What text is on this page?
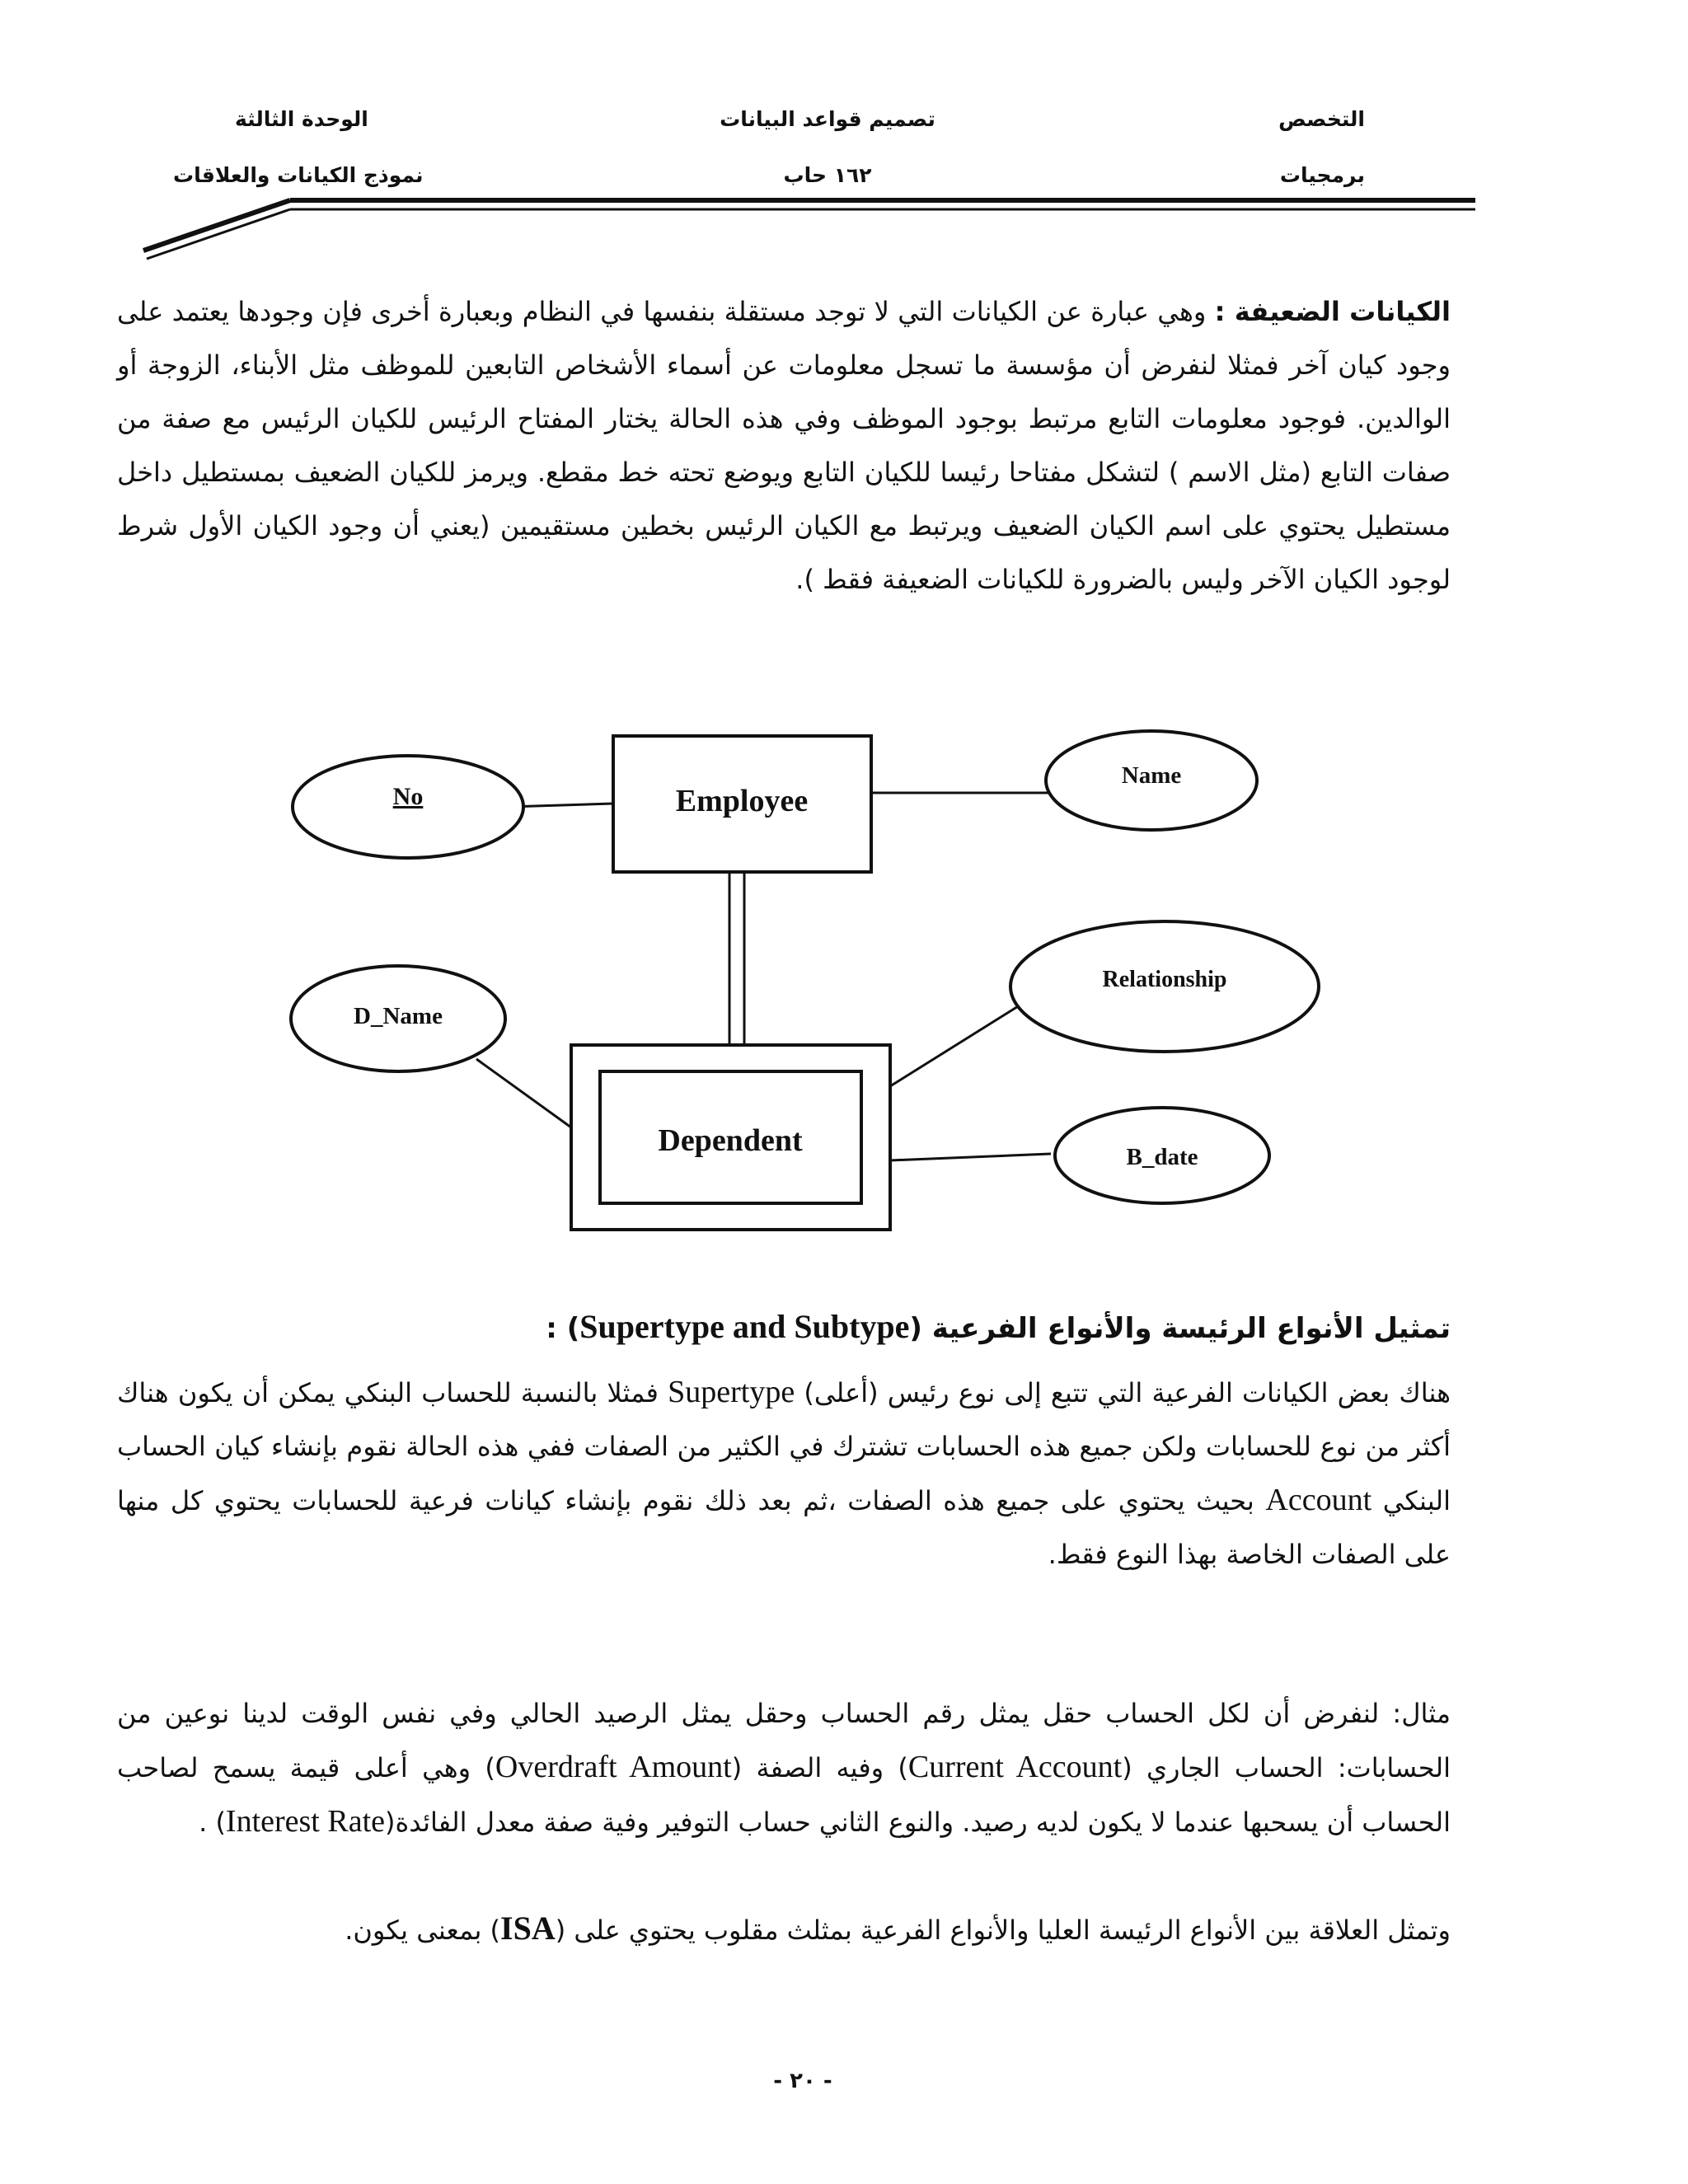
التخصص
برمجيات
تصميم قواعد البيانات
١٦٢ حاب
الوحدة الثالثة
نموذج الكيانات والعلاقات
الكيانات الضعيفة : وهي عبارة عن الكيانات التي لا توجد مستقلة بنفسها في النظام وبعبارة أخرى فإن وجودها يعتمد على وجود كيان آخر فمثلا لنفرض أن مؤسسة ما تسجل معلومات عن أسماء الأشخاص التابعين للموظف مثل الأبناء، الزوجة أو الوالدين. فوجود معلومات التابع مرتبط بوجود الموظف وفي هذه الحالة يختار المفتاح الرئيس للكيان الرئيس مع صفة من صفات التابع (مثل الاسم ) لتشكل مفتاحا رئيسا للكيان التابع ويوضع تحته خط مقطع. ويرمز للكيان الضعيف بمستطيل داخل مستطيل يحتوي على اسم الكيان الضعيف ويرتبط مع الكيان الرئيس بخطين مستقيمين (يعني أن وجود الكيان الأول شرط لوجود الكيان الآخر وليس بالضرورة للكيانات الضعيفة فقط ).
Employee
Dependent
No
Name
D_Name
Relationship
B_date
تمثيل الأنواع الرئيسة والأنواع الفرعية (Supertype and Subtype) :
هناك بعض الكيانات الفرعية التي تتبع إلى نوع رئيس (أعلى) Supertype فمثلا بالنسبة للحساب البنكي يمكن أن يكون هناك أكثر من نوع للحسابات ولكن جميع هذه الحسابات تشترك في الكثير من الصفات ففي هذه الحالة نقوم بإنشاء كيان الحساب البنكي Account بحيث يحتوي على جميع هذه الصفات ،ثم بعد ذلك نقوم بإنشاء كيانات فرعية للحسابات يحتوي كل منها على الصفات الخاصة بهذا النوع فقط.
مثال: لنفرض أن لكل الحساب حقل يمثل رقم الحساب وحقل يمثل الرصيد الحالي وفي نفس الوقت لدينا نوعين من الحسابات: الحساب الجاري (Current Account) وفيه الصفة (Overdraft Amount) وهي أعلى قيمة يسمح لصاحب الحساب أن يسحبها عندما لا يكون لديه رصيد. والنوع الثاني حساب التوفير وفية صفة معدل الفائدة(Interest Rate) .
وتمثل العلاقة بين الأنواع الرئيسة العليا والأنواع الفرعية بمثلث مقلوب يحتوي على (ISA) بمعنى يكون.
- ٢٠ -
